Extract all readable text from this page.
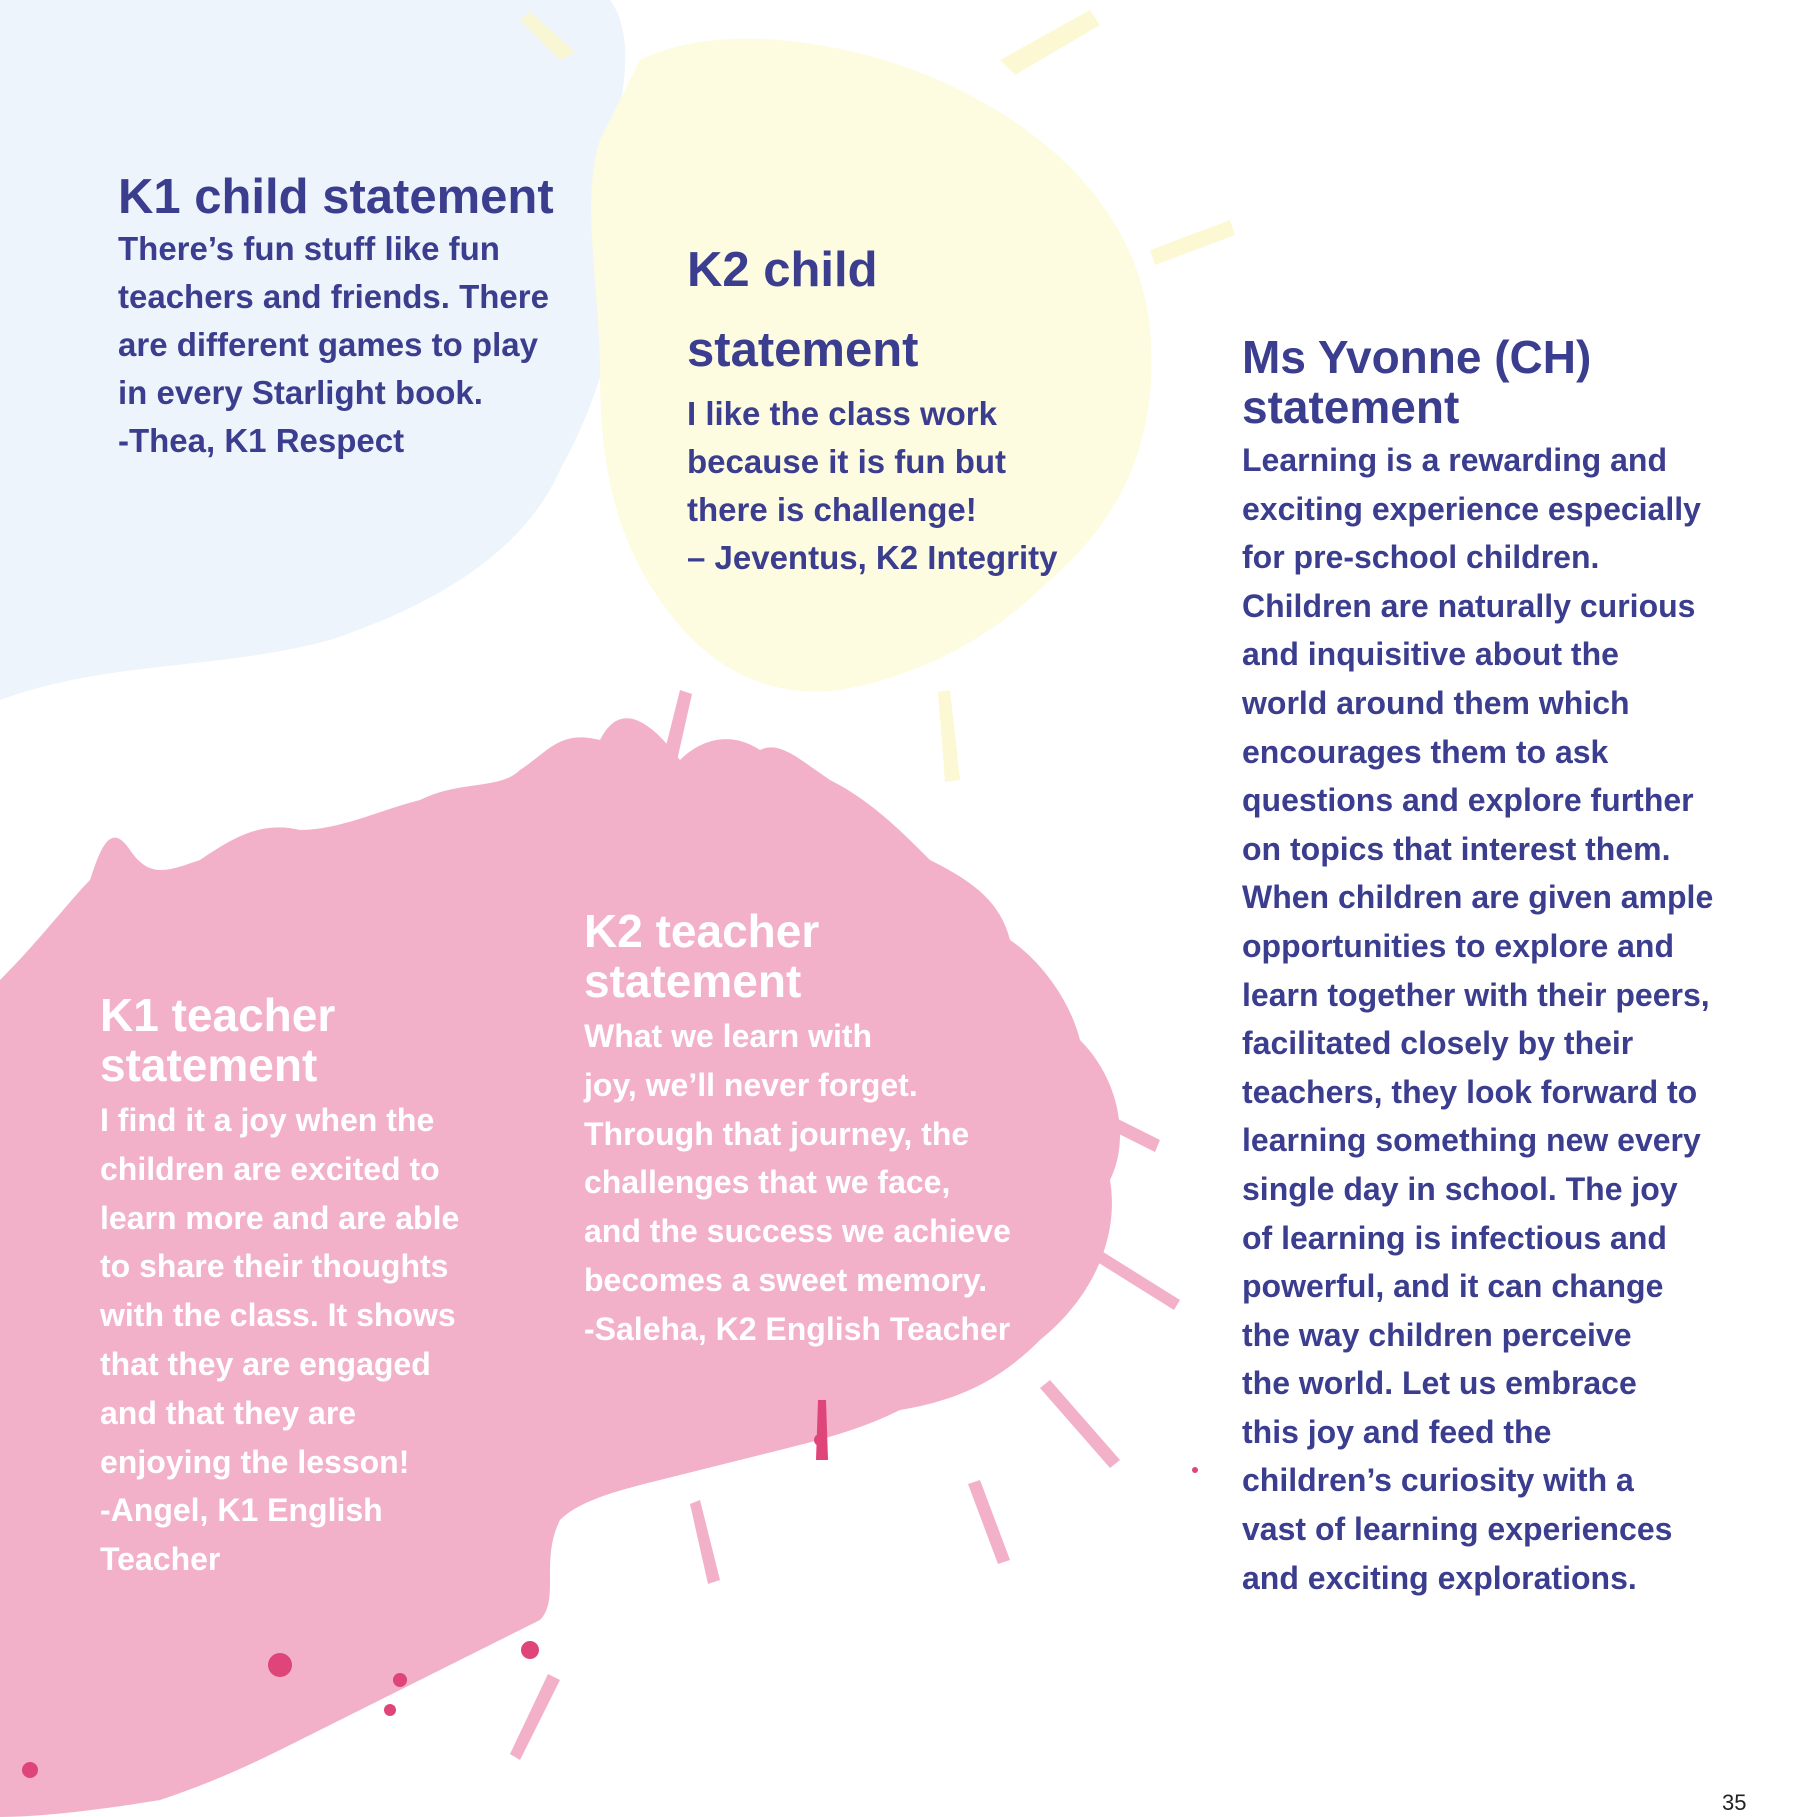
K1 child statement

There’s fun stuff like fun
teachers and friends. There
are different games to play
in every Starlight book.
-Thea, K1 Respect

K2 child
statement

I like the class work
because it is fun but
there is challenge!
– Jeventus, K2 Integrity

Ms Yvonne (CH)
statement

Learning is a rewarding and
exciting experience especially
for pre-school children.
Children are naturally curious
and inquisitive about the
world around them which
encourages them to ask
questions and explore further
on topics that interest them.
When children are given ample
opportunities to explore and
learn together with their peers,
facilitated closely by their
teachers, they look forward to
learning something new every
single day in school. The joy
of learning is infectious and
powerful, and it can change
the way children perceive
the world. Let us embrace
this joy and feed the
children’s curiosity with a
vast of learning experiences
and exciting explorations.

K2 teacher
statement

What we learn with
joy, we’ll never forget.
Through that journey, the
challenges that we face,
and the success we achieve
becomes a sweet memory.
-Saleha, K2 English Teacher

K1 teacher
statement

I find it a joy when the
children are excited to
learn more and are able
to share their thoughts
with the class. It shows
that they are engaged
and that they are
enjoying the lesson!
-Angel, K1 English
Teacher

35
